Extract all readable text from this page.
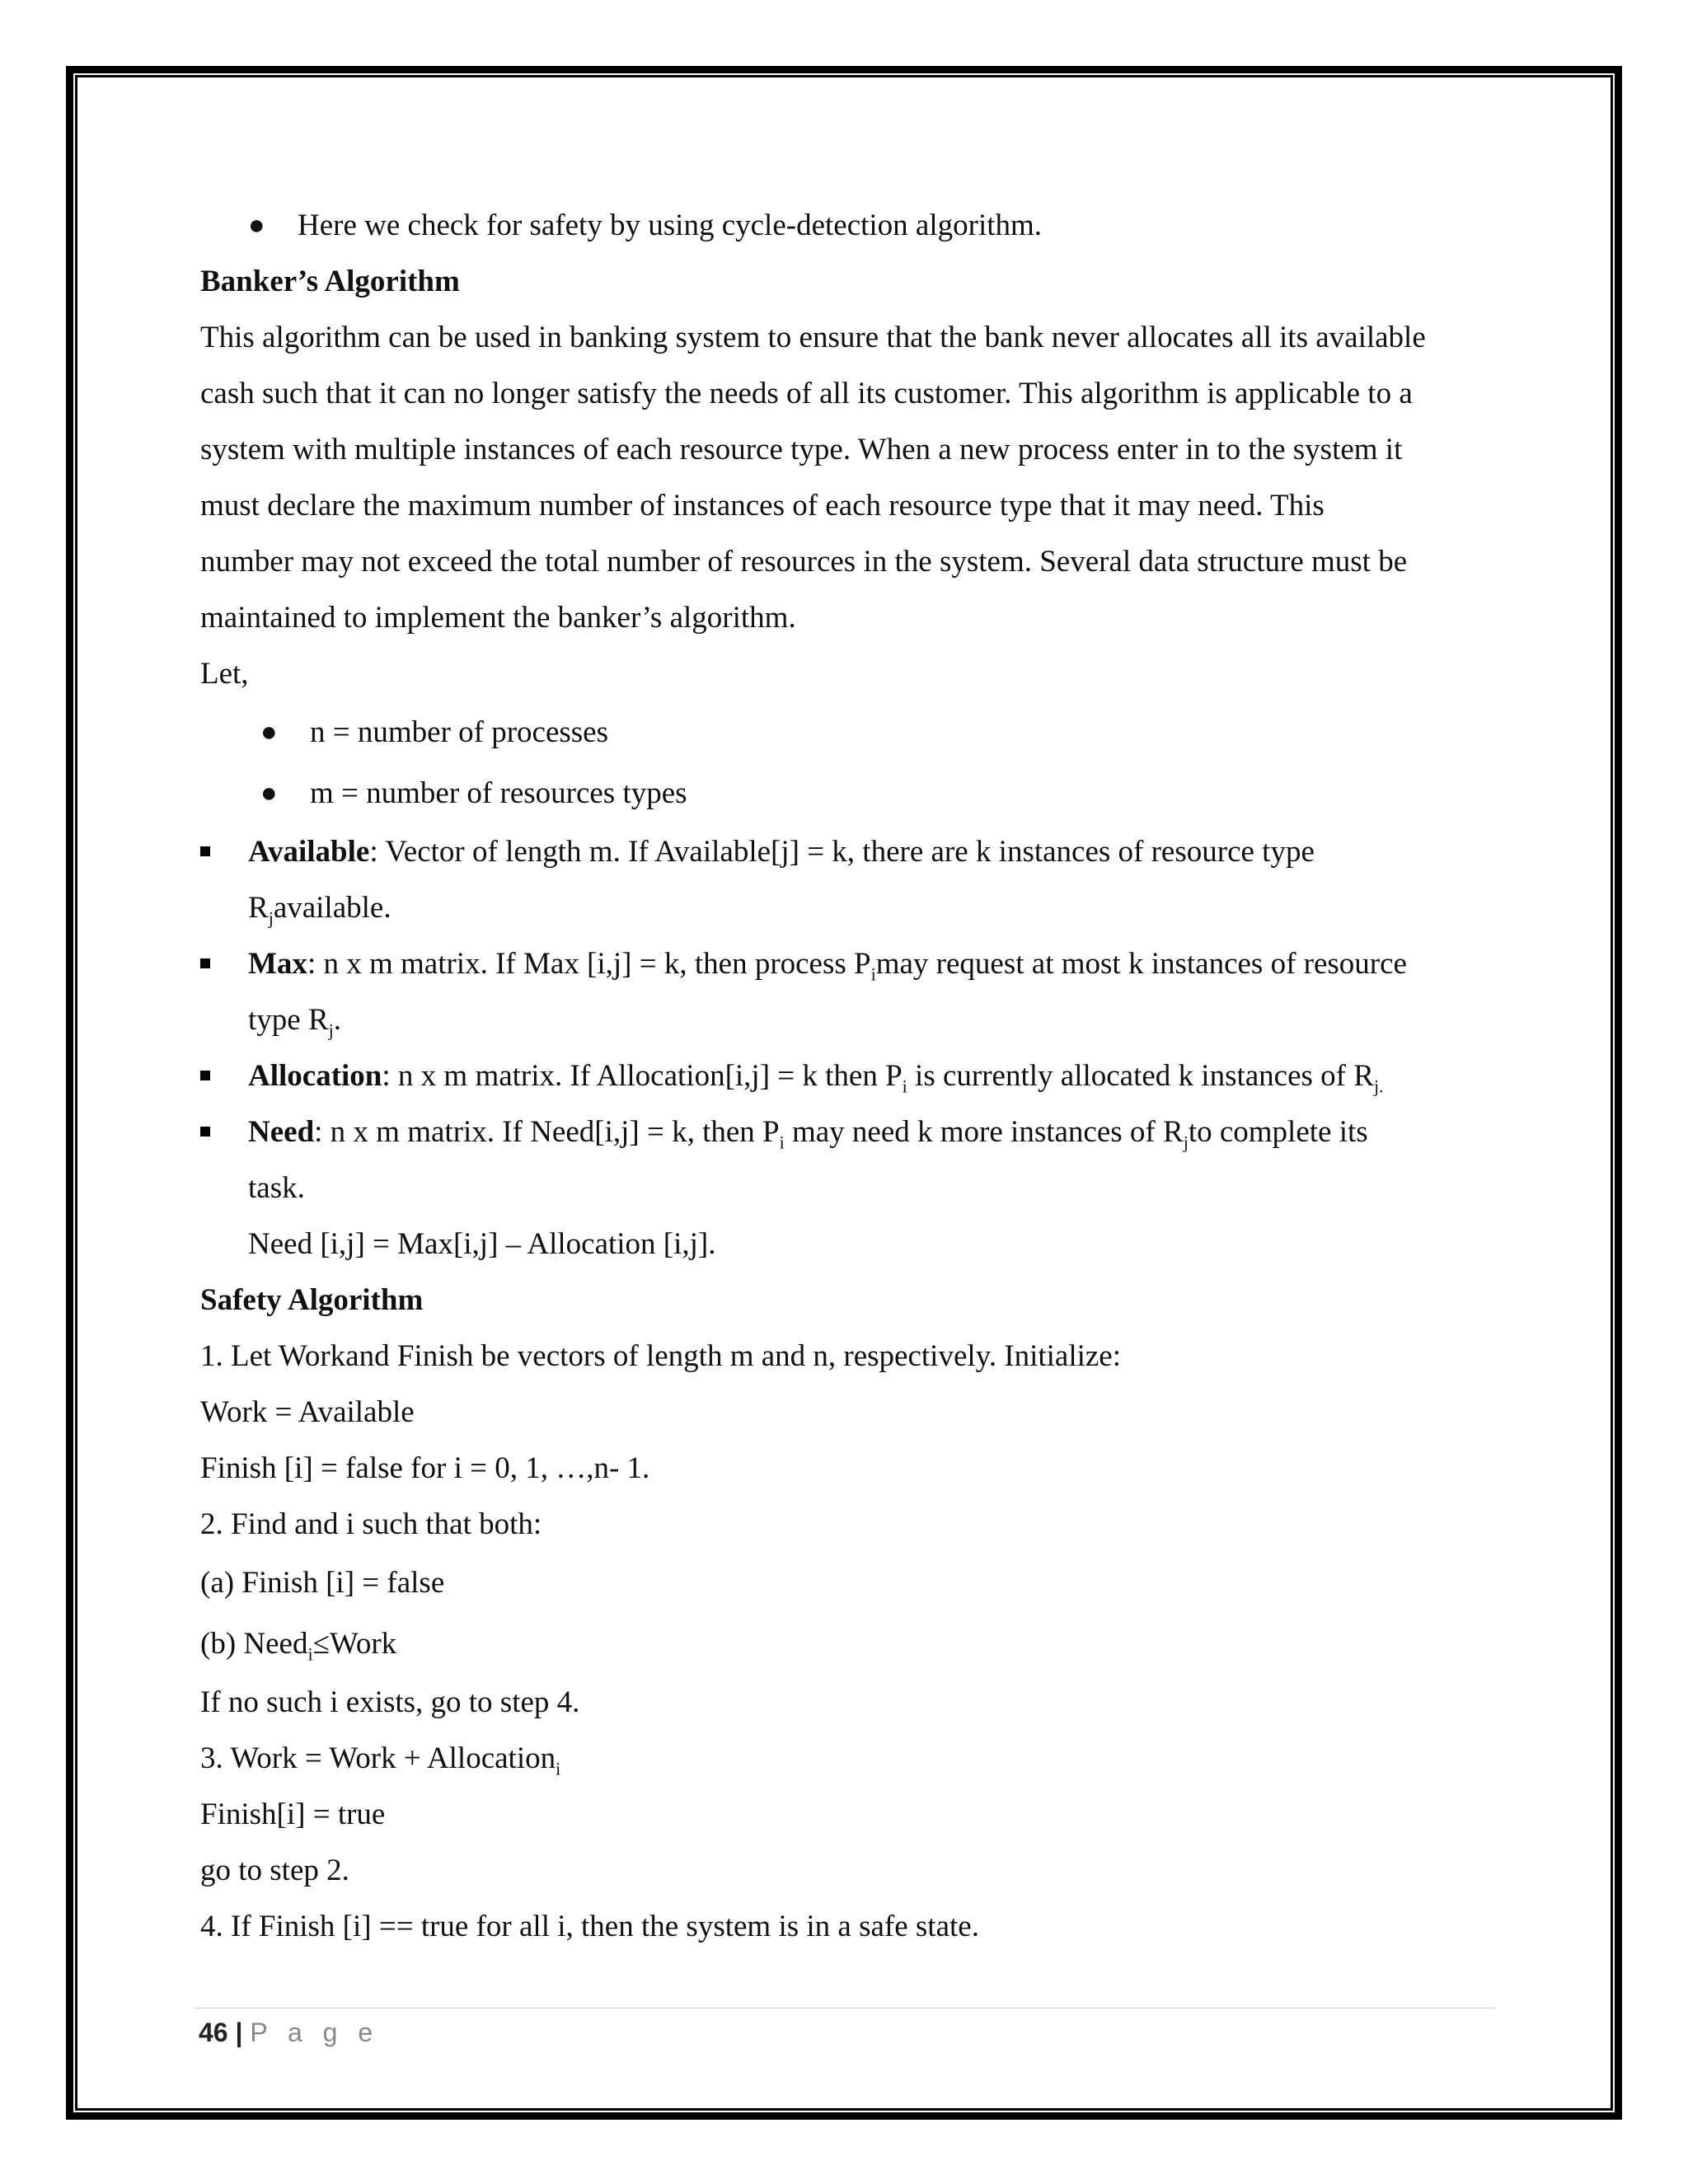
● Here we check for safety by using cycle-detection algorithm.
Banker’s Algorithm
This algorithm can be used in banking system to ensure that the bank never allocates all its available
cash such that it can no longer satisfy the needs of all its customer. This algorithm is applicable to a
system with multiple instances of each resource type. When a new process enter in to the system it
must declare the maximum number of instances of each resource type that it may need. This
number may not exceed the total number of resources in the system. Several data structure must be
maintained to implement the banker’s algorithm.
Let,
● n = number of processes
● m = number of resources types
Available: Vector of length m. If Available[j] = k, there are k instances of resource type
$R_javailable$.
Max: n x m matrix. If Max [i,j] = k, then process $P_imay$ request at most k instances of resource
type $R_j$.
Allocation: n x m matrix. If Allocation[i,j] = k then $P_i$ is currently allocated k instances of $R_{j.}$
Need: n x m matrix. If Need[i,j] = k, then $P_i$ may need k more instances of $R_jto$ complete its
task.
Need [i,j] = Max[i,j] – Allocation [i,j].
Safety Algorithm
1. Let Workand Finish be vectors of length m and n, respectively. Initialize:
Work = Available
Finish [i] = false for i = 0, 1, …,n- 1.
2. Find and i such that both:
(a) Finish [i] = false
(b) Need$_i$≤Work
If no such i exists, go to step 4.
3. Work = Work + Allocation$_i$
Finish[i] = true
go to step 2.
4. If Finish [i] == true for all i, then the system is in a safe state.
46 | P a g e
